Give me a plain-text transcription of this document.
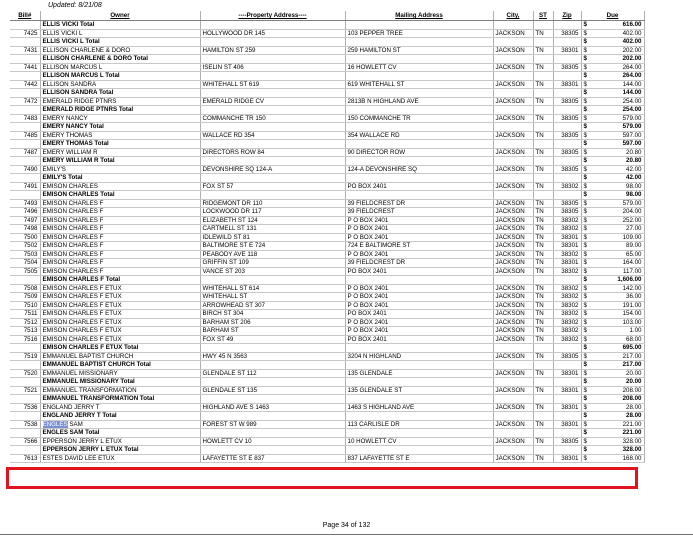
Updated: 8/21/08
Bill#	Owner	----Property Address----	Mailing Address	City,	ST	Zip	Due
	ELLIS VICKI Total						$ 616.00

7425	ELLIS VICKI L	HOLLYWOOD DR 145	103 PEPPER TREE	JACKSON	TN	38305	$ 402.00

	ELLIS VICKI L Total						$ 402.00

7431	ELLISON CHARLENE & DORO	HAMILTON ST 259	259 HAMILTON ST	JACKSON	TN	38301	$ 202.00

	ELLISON CHARLENE & DORO Total						$ 202.00

7441	ELLISON MARCUS L	ISELIN ST 406	16 HOWLETT CV	JACKSON	TN	38305	$ 264.00

	ELLISON MARCUS L Total						$ 264.00

7442	ELLISON SANDRA	WHITEHALL ST 619	619 WHITEHALL ST	JACKSON	TN	38301	$ 144.00

	ELLISON SANDRA Total						$ 144.00

7472	EMERALD RIDGE PTNRS	EMERALD RIDGE CV	2813B N HIGHLAND AVE	JACKSON	TN	38305	$ 254.00

	EMERALD RIDGE PTNRS Total						$ 254.00

7483	EMERY NANCY	COMMANCHE TR 150	150 COMMANCHE TR	JACKSON	TN	38305	$ 579.00

	EMERY NANCY Total						$ 579.00

7485	EMERY THOMAS	WALLACE RD 354	354 WALLACE RD	JACKSON	TN	38305	$ 597.00

	EMERY THOMAS Total						$ 597.00

7487	EMERY WILLIAM R	DIRECTORS ROW 84	90 DIRECTOR ROW	JACKSON	TN	38305	$ 20.80

	EMERY WILLIAM R Total						$ 20.80

7490	EMILY'S	DEVONSHIRE SQ 124-A	124-A DEVONSHIRE SQ	JACKSON	TN	38305	$ 42.00

	EMILY'S Total						$ 42.00

7491	EMISON CHARLES	FOX ST 57	PO BOX 2401	JACKSON	TN	38302	$ 98.00

	EMISON CHARLES Total						$ 98.00

7493	EMISON CHARLES F	RIDGEMONT DR 110	39 FIELDCREST DR	JACKSON	TN	38305	$ 579.00

7496	EMISON CHARLES F	LOCKWOOD DR 117	39 FIELDCREST	JACKSON	TN	38305	$ 204.00

7497	EMISON CHARLES F	ELIZABETH ST 124	P O BOX 2401	JACKSON	TN	38302	$ 252.00

7498	EMISON CHARLES F	CARTMELL ST 131	P O BOX 2401	JACKSON	TN	38302	$ 27.00

7500	EMISON CHARLES F	IDLEWILD ST 81	P O BOX 2401	JACKSON	TN	38301	$ 109.00

7502	EMISON CHARLES F	BALTIMORE ST E 724	724 E BALTIMORE ST	JACKSON	TN	38301	$ 89.00

7503	EMISON CHARLES F	PEABODY AVE 118	P O BOX 2401	JACKSON	TN	38302	$ 65.00

7504	EMISON CHARLES F	GRIFFIN ST 109	39 FIELDCREST DR	JACKSON	TN	38301	$ 164.00

7505	EMISON CHARLES F	VANCE ST 203	PO BOX 2401	JACKSON	TN	38302	$ 117.00

	EMISON CHARLES F Total						$ 1,606.00

7508	EMISON CHARLES F ETUX	WHITEHALL ST 614	P O BOX 2401	JACKSON	TN	38302	$ 142.00

7509	EMISON CHARLES F ETUX	WHITEHALL ST	P O BOX 2401	JACKSON	TN	38302	$ 36.00

7510	EMISON CHARLES F ETUX	ARROWHEAD ST 307	P O BOX 2401	JACKSON	TN	38302	$ 191.00

7511	EMISON CHARLES F ETUX	BIRCH ST 304	PO BOX 2401	JACKSON	TN	38302	$ 154.00

7512	EMISON CHARLES F ETUX	BARHAM ST 206	P O BOX 2401	JACKSON	TN	38302	$ 103.00

7513	EMISON CHARLES F ETUX	BARHAM ST	P O BOX 2401	JACKSON	TN	38302	$ 1.00

7516	EMISON CHARLES F ETUX	FOX ST 49	PO BOX 2401	JACKSON	TN	38302	$ 68.00

	EMISON CHARLES F ETUX Total						$ 695.00

7519	EMMANUEL BAPTIST CHURCH	HWY 45 N 3563	3204 N HIGHLAND	JACKSON	TN	38305	$ 217.00

	EMMANUEL BAPTIST CHURCH Total						$ 217.00

7520	EMMANUEL MISSIONARY	GLENDALE ST 112	135 GLENDALE	JACKSON	TN	38301	$ 20.00

	EMMANUEL MISSIONARY Total						$ 20.00

7521	EMMANUEL TRANSFORMATION	GLENDALE ST 135	135 GLENDALE ST	JACKSON	TN	38301	$ 208.00

	EMMANUEL TRANSFORMATION Total						$ 208.00

7536	ENGLAND JERRY T	HIGHLAND AVE S 1463	1463 S HIGHLAND AVE	JACKSON	TN	38301	$ 28.00

	ENGLAND JERRY T Total						$ 28.00

7538	ENGLES SAM	FOREST ST W 989	113 CARLISLE DR	JACKSON	TN	38301	$ 221.00

	ENGLES SAM Total						$ 221.00

7566	EPPERSON JERRY L ETUX	HOWLETT CV 10	10 HOWLETT CV	JACKSON	TN	38305	$ 328.00

	EPPERSON JERRY L ETUX Total						$ 328.00

7613	ESTES DAVID LEE ETUX	LAFAYETTE ST E 837	837 LAFAYETTE ST E	JACKSON	TN	38301	$ 168.00
Page 34 of 132
